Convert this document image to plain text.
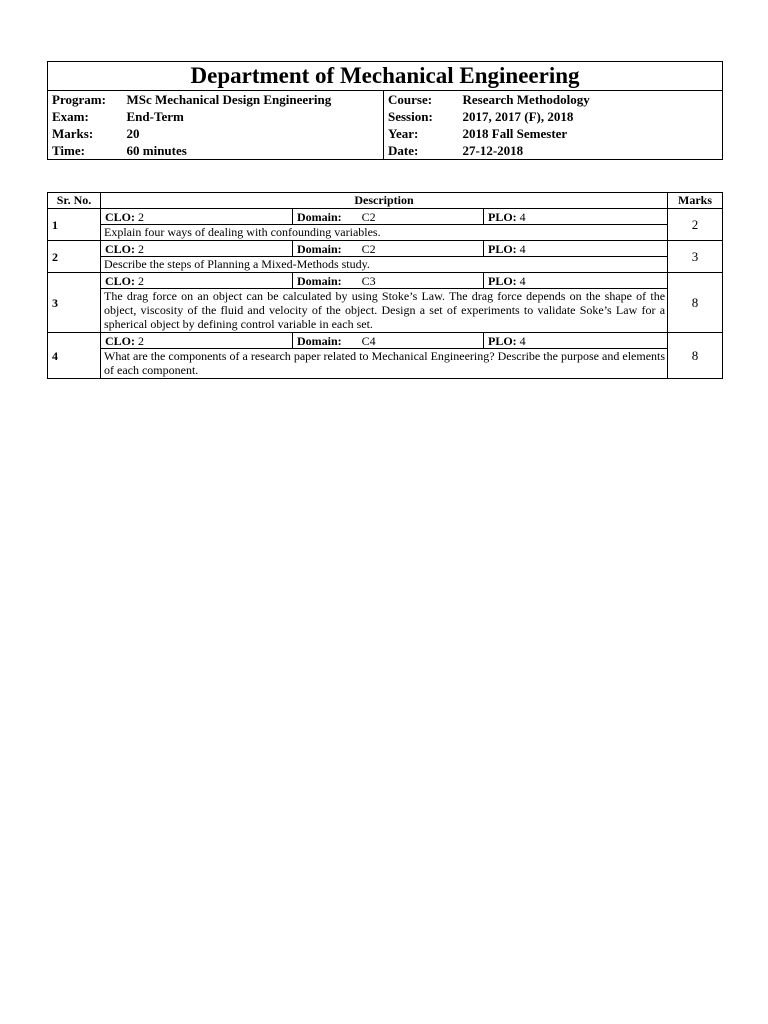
Department of Mechanical Engineering			
Program:	MSc Mechanical Design Engineering	Course:	Research Methodology
Exam:	End-Term	Session:	2017, 2017 (F), 2018
Marks:	20	Year:	2018 Fall Semester
Time:	60 minutes	Date:	27-12-2018
Sr. No.	Description			Marks
1	CLO: 2	Domain: C2	PLO: 4	2
	Explain four ways of dealing with confounding variables.			
2	CLO: 2	Domain: C2	PLO: 4	3
	Describe the steps of Planning a Mixed-Methods study.			
3	CLO: 2	Domain: C3	PLO: 4	8
	The drag force on an object can be calculated by using Stoke’s Law. The drag force depends on the shape of the object, viscosity of the fluid and velocity of the object. Design a set of experiments to validate Soke’s Law for a spherical object by defining control variable in each set.			
4	CLO: 2	Domain: C4	PLO: 4	8
	What are the components of a research paper related to Mechanical Engineering? Describe the purpose and elements of each component.			
